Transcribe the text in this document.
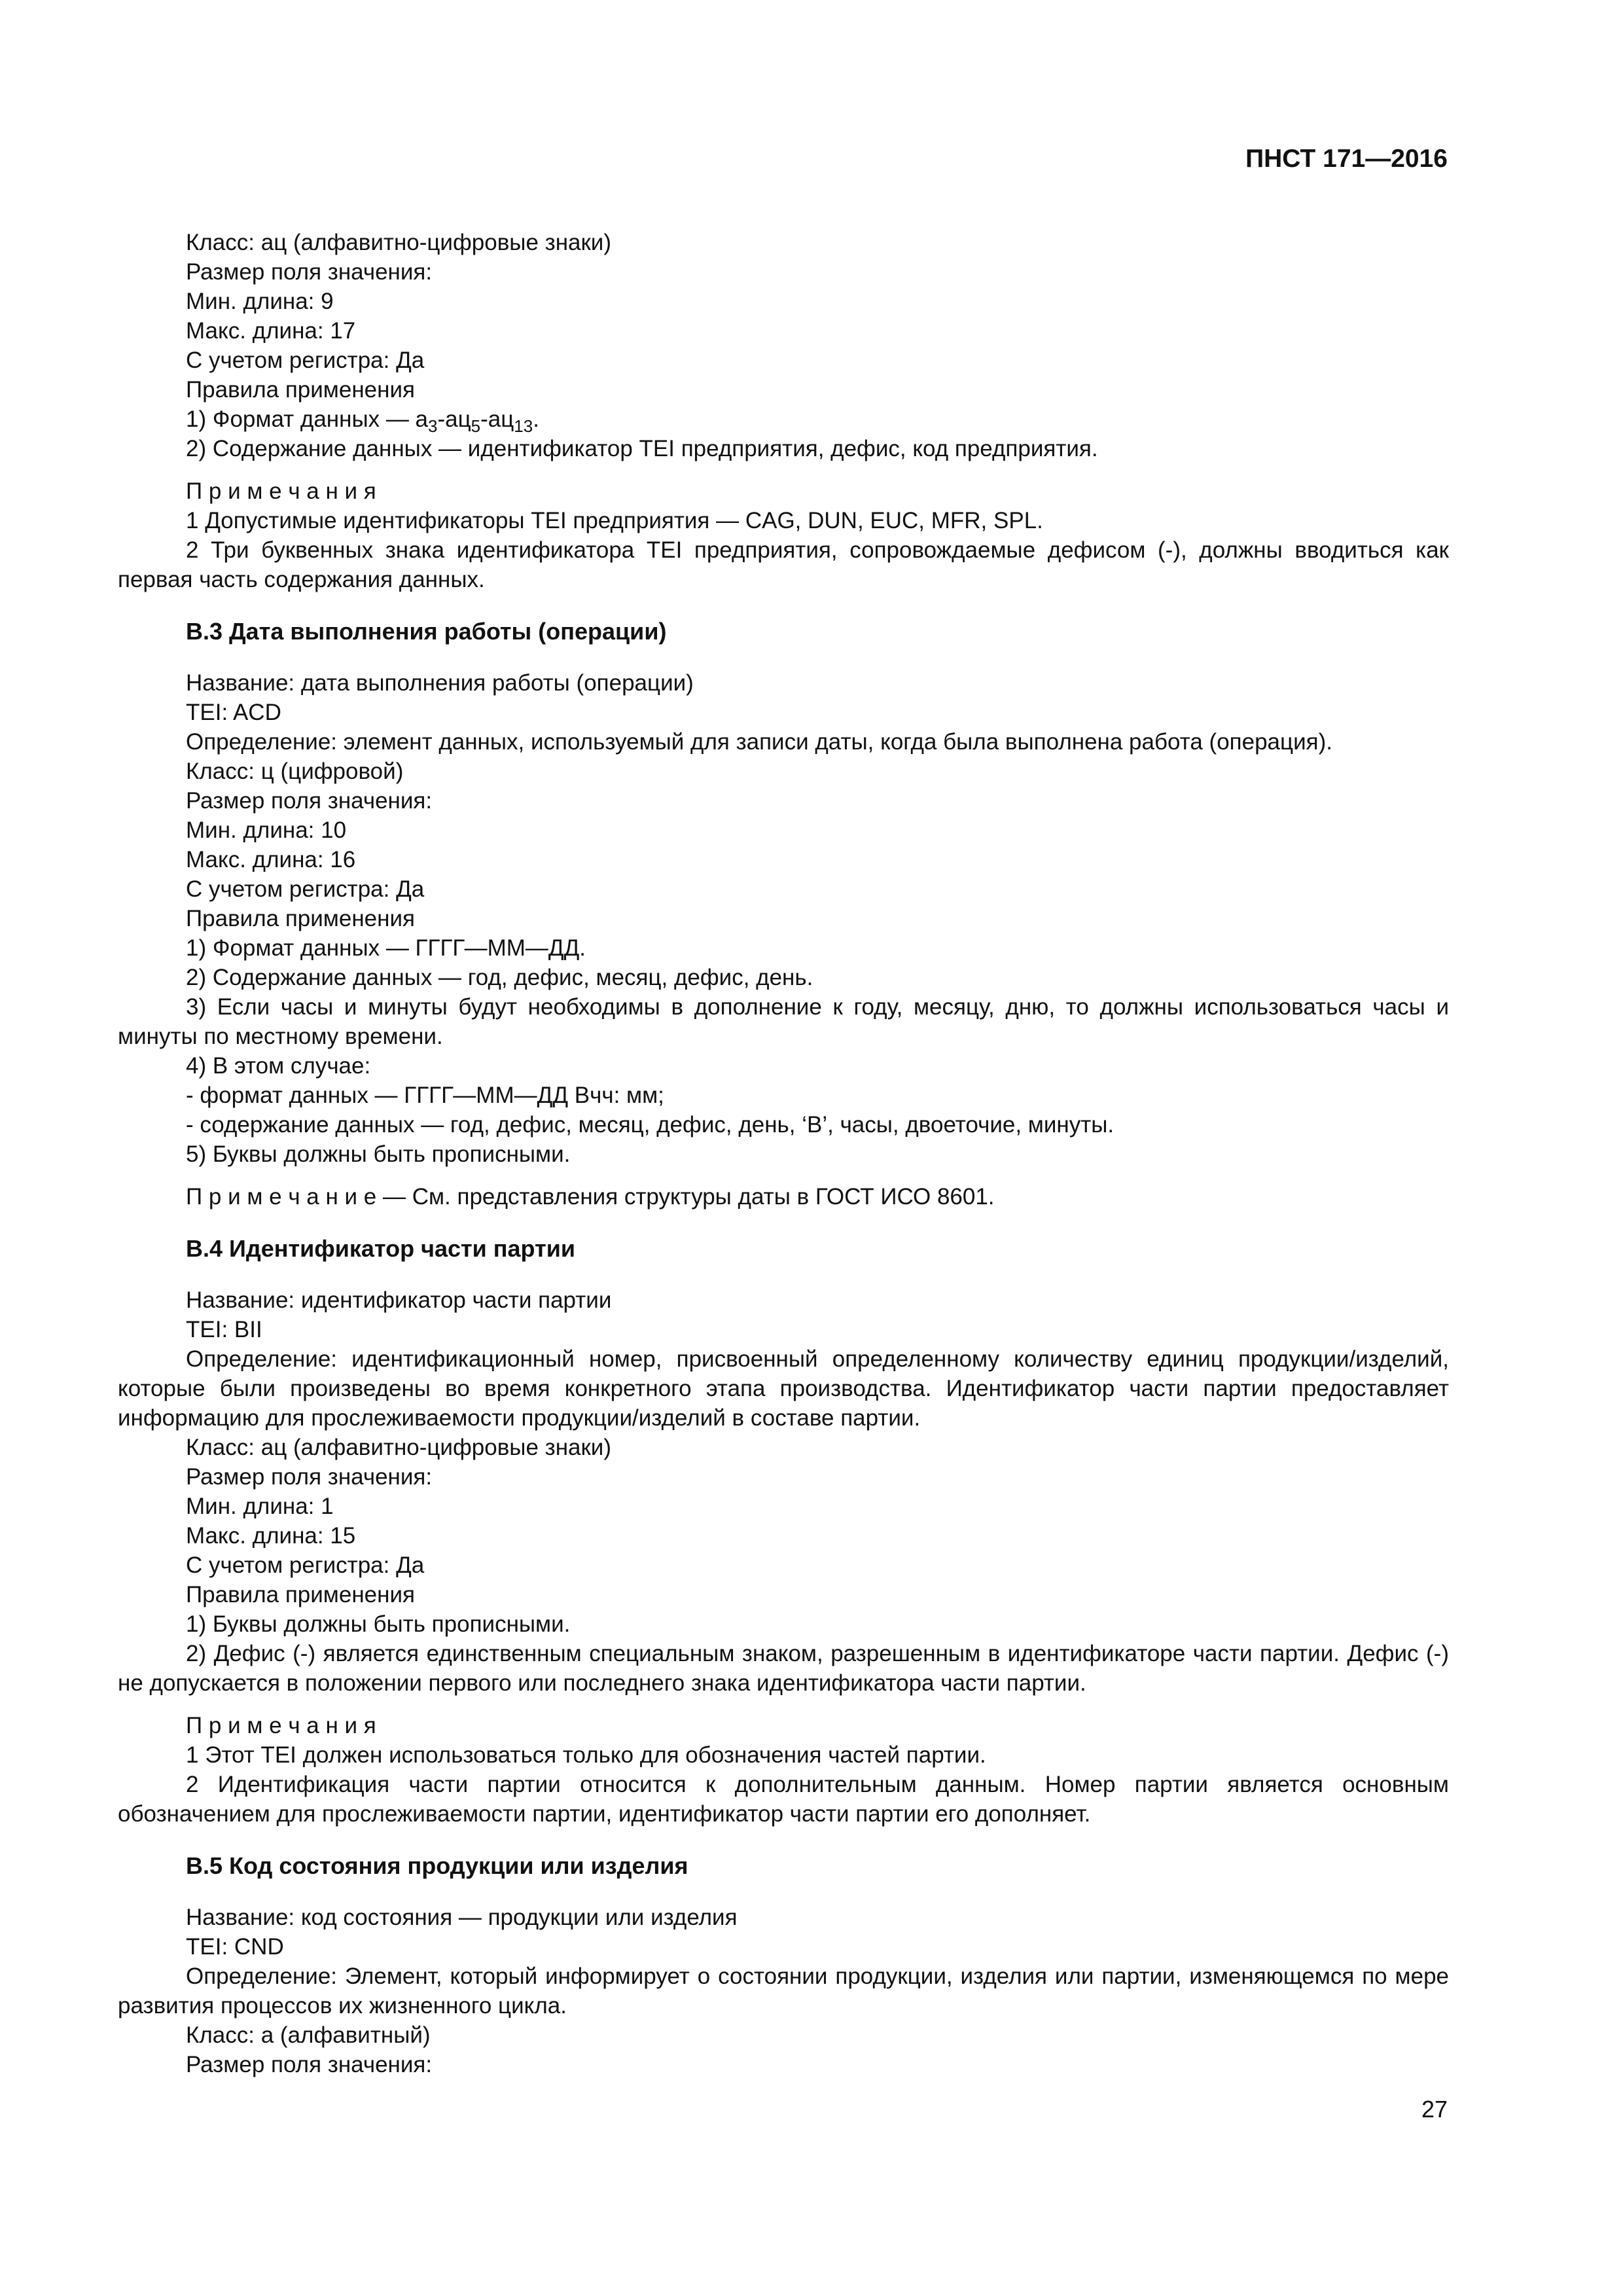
ПНСТ 171—2016
Класс: ац (алфавитно-цифровые знаки)
Размер поля значения:
Мин. длина: 9
Макс. длина: 17
С учетом регистра: Да
Правила применения
1) Формат данных — $а_3-ац_5-ац_{13}$.
2) Содержание данных — идентификатор TEI предприятия, дефис, код предприятия.
П р и м е ч а н и я
1 Допустимые идентификаторы TEI предприятия — CAG, DUN, EUC, MFR, SPL.
2 Три буквенных знака идентификатора TEI предприятия, сопровождаемые дефисом (-), должны вводиться как первая часть содержания данных.
В.3 Дата выполнения работы (операции)
Название: дата выполнения работы (операции)
TEI: ACD
Определение: элемент данных, используемый для записи даты, когда была выполнена работа (операция).
Класс: ц (цифровой)
Размер поля значения:
Мин. длина: 10
Макс. длина: 16
С учетом регистра: Да
Правила применения
1) Формат данных — ГГГГ—ММ—ДД.
2) Содержание данных — год, дефис, месяц, дефис, день.
3) Если часы и минуты будут необходимы в дополнение к году, месяцу, дню, то должны использоваться часы и минуты по местному времени.
4) В этом случае:
- формат данных — ГГГГ—ММ—ДД Bчч: мм;
- содержание данных — год, дефис, месяц, дефис, день, ‘В’, часы, двоеточие, минуты.
5) Буквы должны быть прописными.
П р и м е ч а н и е — См. представления структуры даты в ГОСТ ИСО 8601.
В.4 Идентификатор части партии
Название: идентификатор части партии
TEI: BII
Определение: идентификационный номер, присвоенный определенному количеству единиц продукции/изделий, которые были произведены во время конкретного этапа производства. Идентификатор части партии предоставляет информацию для прослеживаемости продукции/изделий в составе партии.
Класс: ац (алфавитно-цифровые знаки)
Размер поля значения:
Мин. длина: 1
Макс. длина: 15
С учетом регистра: Да
Правила применения
1) Буквы должны быть прописными.
2) Дефис (-) является единственным специальным знаком, разрешенным в идентификаторе части партии. Дефис (-) не допускается в положении первого или последнего знака идентификатора части партии.
П р и м е ч а н и я
1 Этот TEI должен использоваться только для обозначения частей партии.
2 Идентификация части партии относится к дополнительным данным. Номер партии является основным обозначением для прослеживаемости партии, идентификатор части партии его дополняет.
В.5 Код состояния продукции или изделия
Название: код состояния — продукции или изделия
TEI: CND
Определение: Элемент, который информирует о состоянии продукции, изделия или партии, изменяющемся по мере развития процессов их жизненного цикла.
Класс: а (алфавитный)
Размер поля значения:
27
